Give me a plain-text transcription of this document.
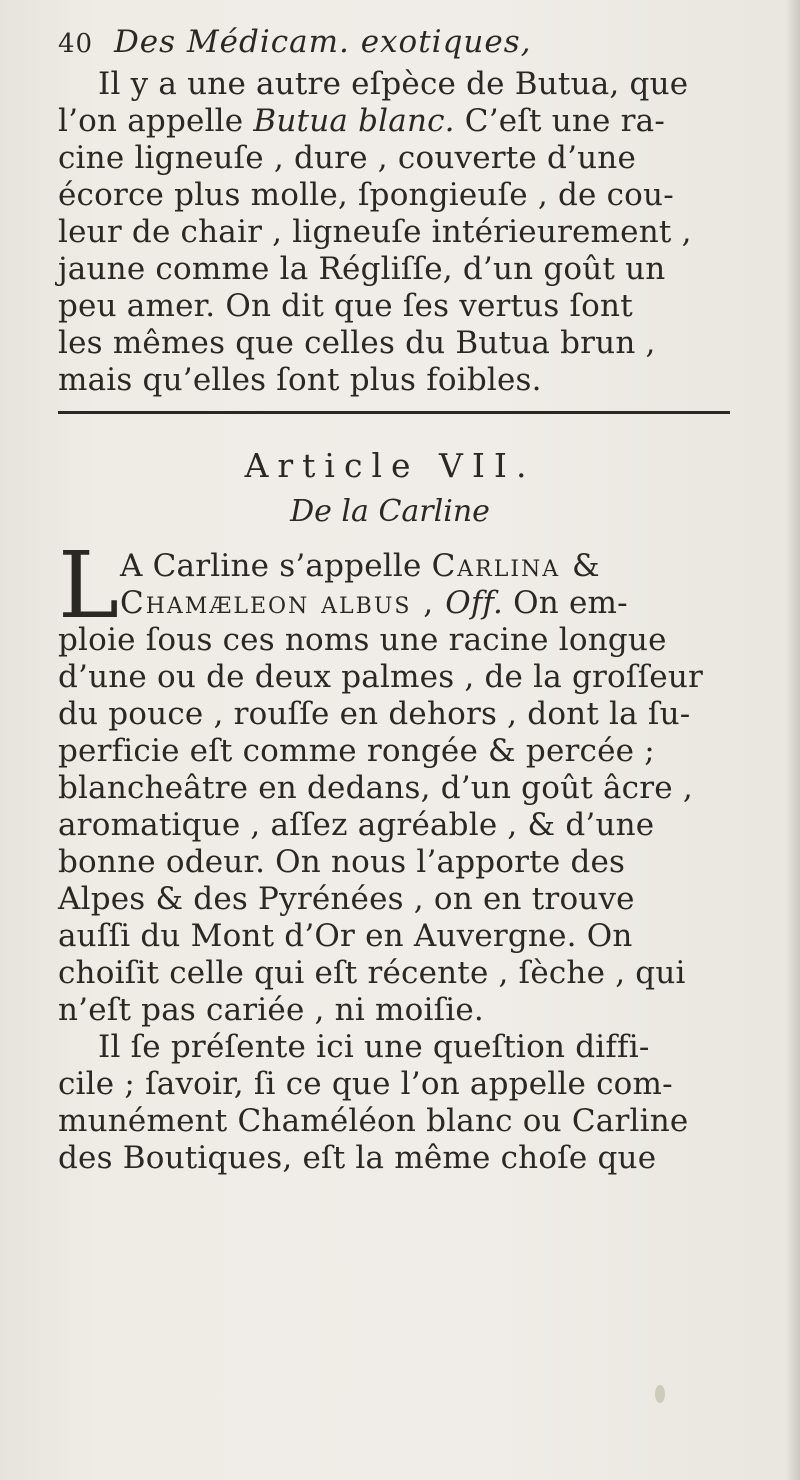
40 Des Médicam. exotiques,
Il y a une autre eſpèce de Butua, que
l’on appelle Butua blanc. C’eſt une ra-
cine ligneuſe , dure , couverte d’une
écorce plus molle, ſpongieuſe , de cou-
leur de chair , ligneuſe intérieurement ,
jaune comme la Régliſſe, d’un goût un
peu amer. On dit que ſes vertus ſont
les mêmes que celles du Butua brun ,
mais qu’elles ſont plus foibles.
Article VII.
De la Carline
L A Carline s’appelle Carlina &
Chamæleon albus , Off. On em-
ploie ſous ces noms une racine longue
d’une ou de deux palmes , de la groſſeur
du pouce , rouſſe en dehors , dont la ſu-
perficie eſt comme rongée & percée ;
blancheâtre en dedans, d’un goût âcre ,
aromatique , aſſez agréable , & d’une
bonne odeur. On nous l’apporte des
Alpes & des Pyrénées , on en trouve
auſſi du Mont d’Or en Auvergne. On
choiſit celle qui eſt récente , ſèche , qui
n’eſt pas cariée , ni moiſie.
Il ſe préſente ici une queſtion diffi-
cile ; ſavoir, ſi ce que l’on appelle com-
munément Chaméléon blanc ou Carline
des Boutiques, eſt la même choſe que
